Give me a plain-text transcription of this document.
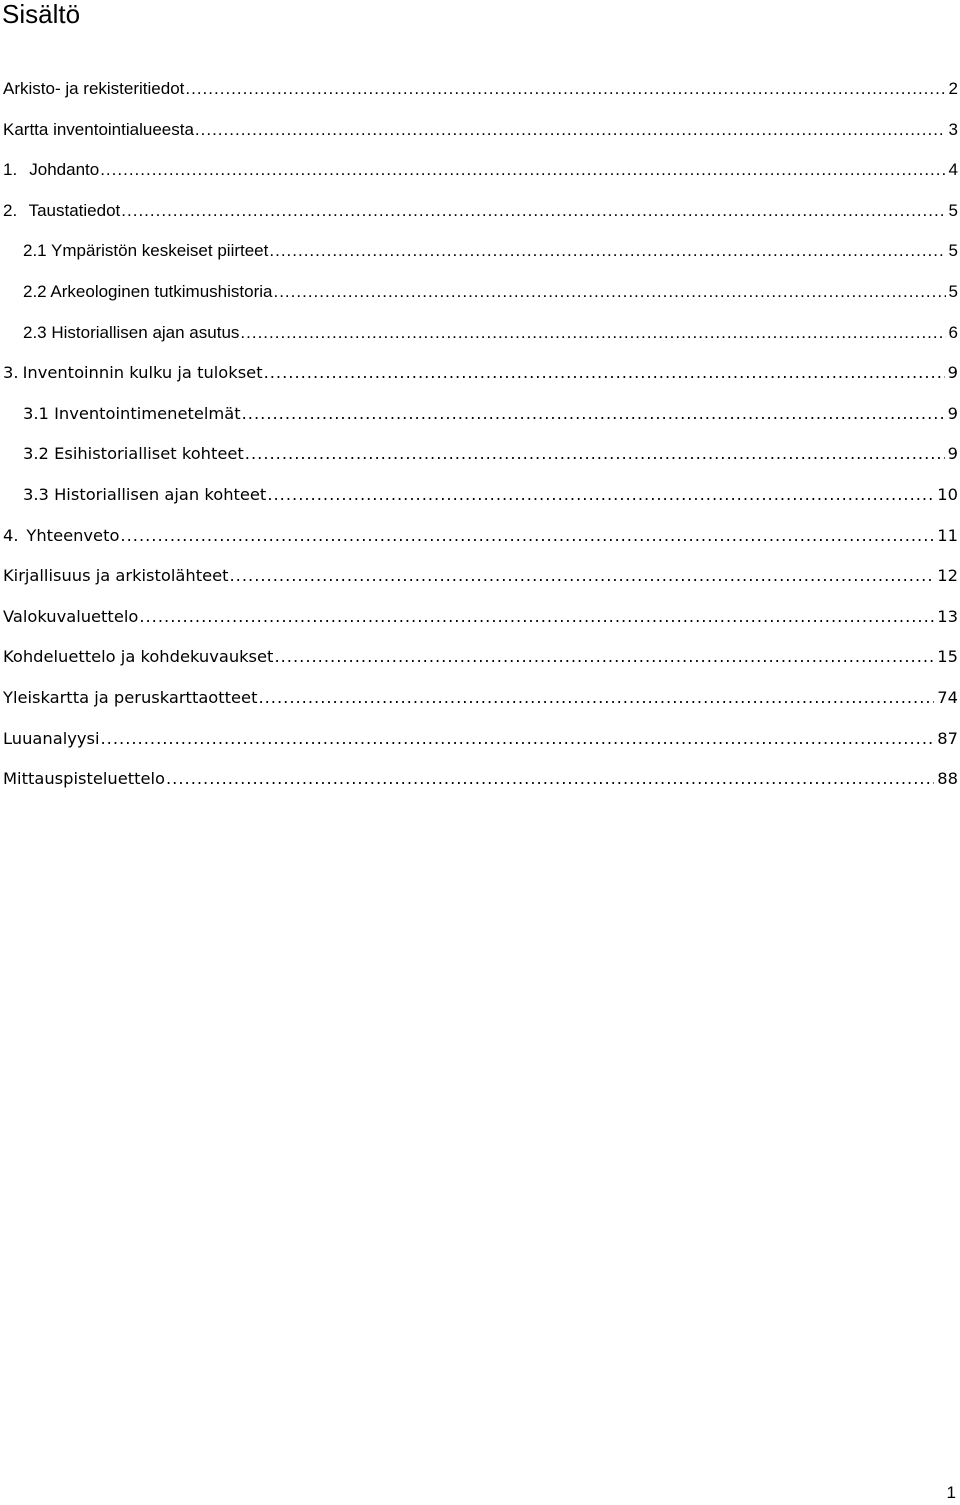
Sisältö
Arkisto- ja rekisteritiedot .....	2
Kartta inventointialueesta .....	3
1. Johdanto .....	4
2. Taustatiedot .....	5
2.1 Ympäristön keskeiset piirteet .....	5
2.2 Arkeologinen tutkimushistoria .....	5
2.3 Historiallisen ajan asutus .....	6
3. Inventoinnin kulku ja tulokset .....	9
3.1 Inventointimenetelmät .....	9
3.2 Esihistorialliset kohteet .....	9
3.3 Historiallisen ajan kohteet .....	10
4. Yhteenveto .....	11
Kirjallisuus ja arkistolähteet .....	12
Valokuvaluettelo .....	13
Kohdeluettelo ja kohdekuvaukset .....	15
Yleiskartta ja peruskarttaotteet .....	74
Luuanalyysi .....	87
Mittauspisteluettelo .....	88
1
